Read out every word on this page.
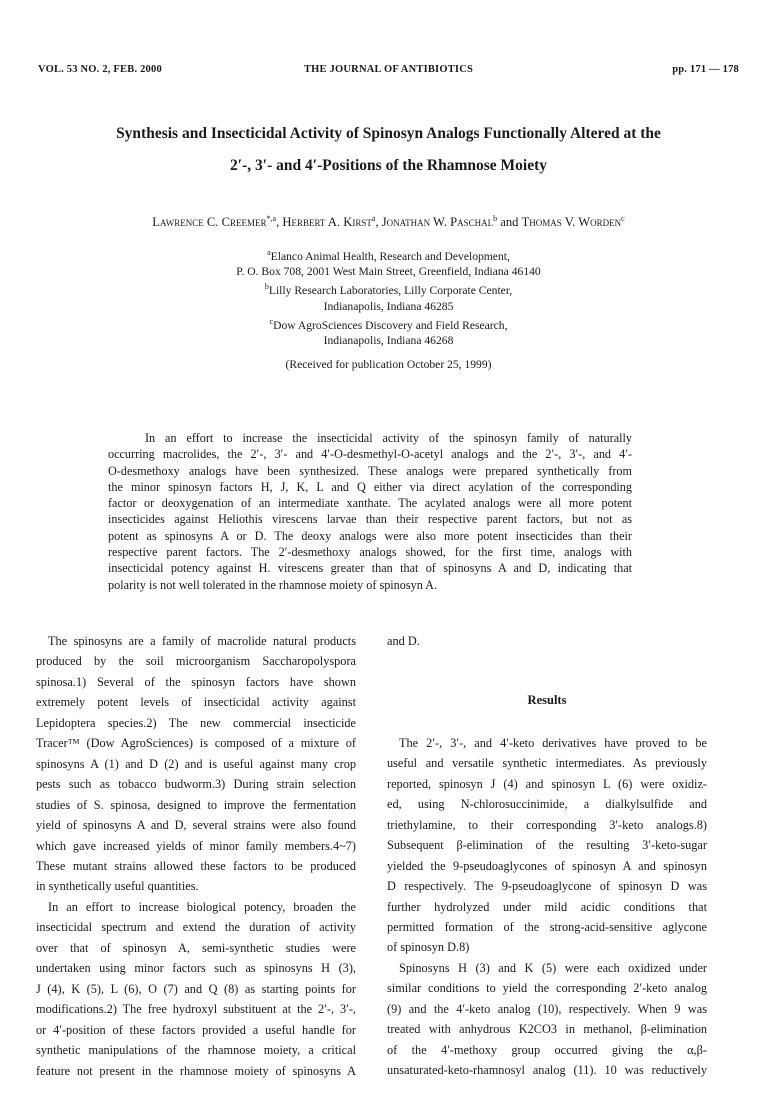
VOL. 53 NO. 2, FEB. 2000	THE JOURNAL OF ANTIBIOTICS	pp. 171 — 178
Synthesis and Insecticidal Activity of Spinosyn Analogs Functionally Altered at the
2′-, 3′- and 4′-Positions of the Rhamnose Moiety
Lawrence C. Creemer$^{*,a}$, Herbert A. Kirst$^a$, Jonathan W. Paschal$^b$ and Thomas V. Worden$^c$
$^a$Elanco Animal Health, Research and Development,
P. O. Box 708, 2001 West Main Street, Greenfield, Indiana 46140
$^b$Lilly Research Laboratories, Lilly Corporate Center,
Indianapolis, Indiana 46285
$^c$Dow AgroSciences Discovery and Field Research,
Indianapolis, Indiana 46268
(Received for publication October 25, 1999)
In an effort to increase the insecticidal activity of the spinosyn family of naturally
occurring macrolides, the 2′-, 3′- and 4′-O-desmethyl-O-acetyl analogs and the 2′-, 3′-, and 4′-
O-desmethoxy analogs have been synthesized. These analogs were prepared synthetically from
the minor spinosyn factors H, J, K, L and Q either via direct acylation of the corresponding
factor or deoxygenation of an intermediate xanthate. The acylated analogs were all more potent
insecticides against Heliothis virescens larvae than their respective parent factors, but not as
potent as spinosyns A or D. The deoxy analogs were also more potent insecticides than their
respective parent factors. The 2′-desmethoxy analogs showed, for the first time, analogs with
insecticidal potency against H. virescens greater than that of spinosyns A and D, indicating that
polarity is not well tolerated in the rhamnose moiety of spinosyn A.
The spinosyns are a family of macrolide natural products
produced by the soil microorganism Saccharopolyspora
spinosa.1) Several of the spinosyn factors have shown
extremely potent levels of insecticidal activity against
Lepidoptera species.2) The new commercial insecticide
Tracer™ (Dow AgroSciences) is composed of a mixture of
spinosyns A (1) and D (2) and is useful against many crop
pests such as tobacco budworm.3) During strain selection
studies of S. spinosa, designed to improve the fermentation
yield of spinosyns A and D, several strains were also found
which gave increased yields of minor family members.4~7)
These mutant strains allowed these factors to be produced
in synthetically useful quantities.
In an effort to increase biological potency, broaden the
insecticidal spectrum and extend the duration of activity
over that of spinosyn A, semi-synthetic studies were
undertaken using minor factors such as spinosyns H (3),
J (4), K (5), L (6), O (7) and Q (8) as starting points for
modifications.2) The free hydroxyl substituent at the 2′-, 3′-,
or 4′-position of these factors provided a useful handle for
synthetic manipulations of the rhamnose moiety, a critical
feature not present in the rhamnose moiety of spinosyns A
and D.
Results
The 2′-, 3′-, and 4′-keto derivatives have proved to be
useful and versatile synthetic intermediates. As previously
reported, spinosyn J (4) and spinosyn L (6) were oxidiz-
ed, using N-chlorosuccinimide, a dialkylsulfide and
triethylamine, to their corresponding 3′-keto analogs.8)
Subsequent β-elimination of the resulting 3′-keto-sugar
yielded the 9-pseudoaglycones of spinosyn A and spinosyn
D respectively. The 9-pseudoaglycone of spinosyn D was
further hydrolyzed under mild acidic conditions that
permitted formation of the strong-acid-sensitive aglycone
of spinosyn D.8)
Spinosyns H (3) and K (5) were each oxidized under
similar conditions to yield the corresponding 2′-keto analog
(9) and the 4′-keto analog (10), respectively. When 9 was
treated with anhydrous K2CO3 in methanol, β-elimination
of the 4′-methoxy group occurred giving the α,β-
unsaturated-keto-rhamnosyl analog (11). 10 was reductively
